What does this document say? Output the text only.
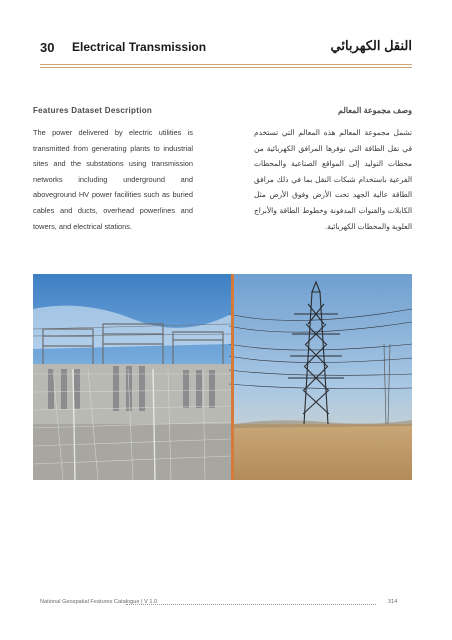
30 Electrical Transmission	النقل الكهربائي
Features Dataset Description	وصف مجموعة المعالم

The power delivered by electric utilities is transmitted from generating plants to industrial sites and the substations using transmission networks including underground and aboveground HV power facilities such as buried cables and ducts, overhead powerlines and towers, and electrical stations.

تشمل مجموعة المعالم هذه المعالم التي تستخدم في نقل الطاقة التي توفرها المرافق الكهربائية من محطات التوليد إلى المواقع الصناعية والمحطات الفرعية باستخدام شبكات النقل بما في ذلك مرافق الطاقة عالية الجهد تحت الأرض وفوق الأرض مثل الكابلات والقنوات المدفونة وخطوط الطاقة والأبراج العلوية والمحطات الكهربائية.

National Geospatial Features Catalogue | V 1.0	314
